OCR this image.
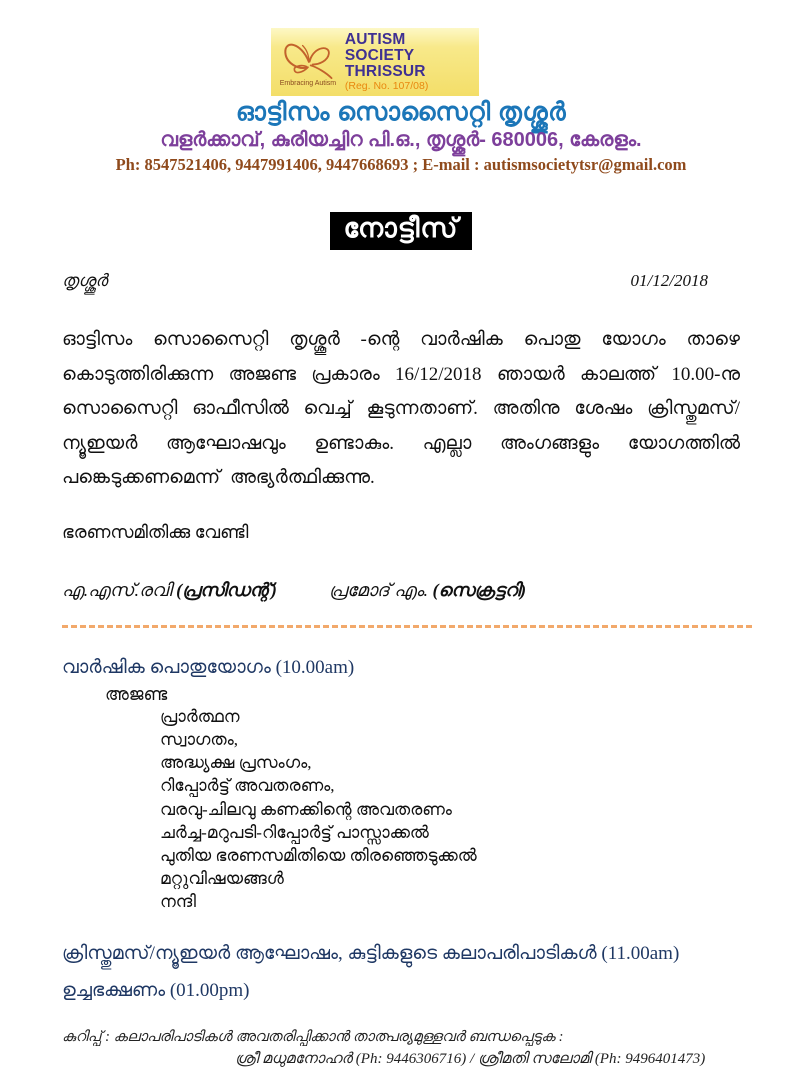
Embracing Autism
AUTISM SOCIETY
THRISSUR
(Reg. No. 107/08)
ഓട്ടിസം സൊസൈറ്റി തൃശ്ശൂർ
വളർക്കാവ്, കുരിയച്ചിറ പി.ഒ., തൃശ്ശൂർ- 680006, കേരളം.
Ph: 8547521406, 9447991406, 9447668693 ; E-mail : autismsocietytsr@gmail.com
നോട്ടീസ്
തൃശ്ശൂർ	01/12/2018

ഓട്ടിസം സൊസൈറ്റി തൃശ്ശൂർ -ന്റെ വാർഷിക പൊതു യോഗം താഴെ കൊടുത്തിരിക്കുന്ന അജണ്ട പ്രകാരം 16/12/2018 ഞായർ കാലത്ത് 10.00-നു സൊസൈറ്റി ഓഫീസിൽ വെച്ച് കൂടുന്നതാണ്. അതിനു ശേഷം ക്രിസ്തുമസ്/ന്യൂഇയർ ആഘോഷവും ഉണ്ടാകും. എല്ലാ അംഗങ്ങളും യോഗത്തിൽ പങ്കെടുക്കണമെന്ന് അഭ്യർത്ഥിക്കുന്നു.

ഭരണസമിതിക്കു വേണ്ടി
എ.എസ്.രവി (പ്രസിഡന്റ്)	പ്രമോദ് എം. (സെക്രട്ടറി)
വാർഷിക പൊതുയോഗം (10.00am)
അജണ്ട
പ്രാർത്ഥന
സ്വാഗതം,
അദ്ധ്യക്ഷ പ്രസംഗം,
റിപ്പോർട്ട് അവതരണം,
വരവു-ചിലവു കണക്കിന്റെ അവതരണം
ചർച്ച-മറുപടി-റിപ്പോർട്ട് പാസ്സാക്കൽ
പുതിയ ഭരണസമിതിയെ തിരഞ്ഞെടുക്കൽ
മറ്റുവിഷയങ്ങൾ
നന്ദി
ക്രിസ്തുമസ്/ന്യൂഇയർ ആഘോഷം, കുട്ടികളുടെ കലാപരിപാടികൾ (11.00am)
ഉച്ചഭക്ഷണം (01.00pm)
കുറിപ്പ് : കലാപരിപാടികൾ അവതരിപ്പിക്കാൻ താത്പര്യമുള്ളവർ ബന്ധപ്പെടുക :
ശ്രീ മധുമനോഹർ (Ph: 9446306716) / ശ്രീമതി സലോമി (Ph: 9496401473)
